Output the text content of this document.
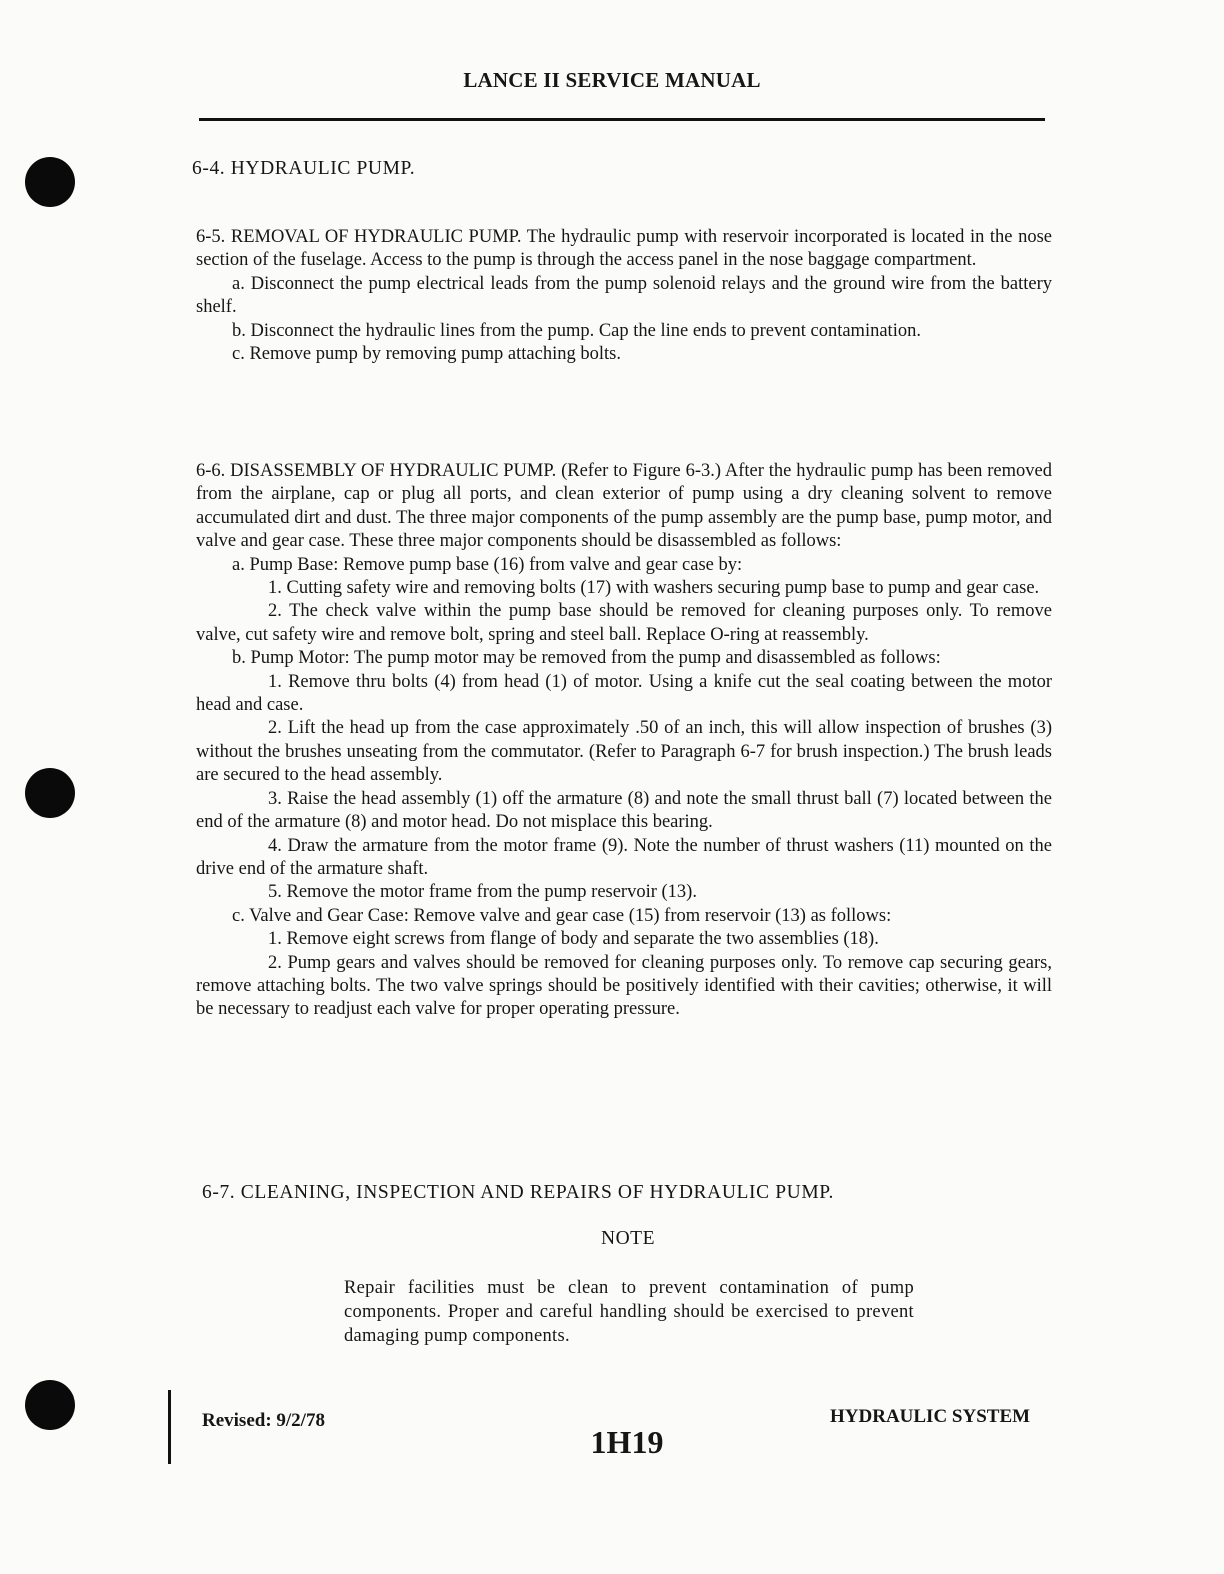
LANCE II SERVICE MANUAL
6-4. HYDRAULIC PUMP.

6-5. REMOVAL OF HYDRAULIC PUMP. The hydraulic pump with reservoir incorporated is located in the nose section of the fuselage. Access to the pump is through the access panel in the nose baggage compartment.

a. Disconnect the pump electrical leads from the pump solenoid relays and the ground wire from the battery shelf.

b. Disconnect the hydraulic lines from the pump. Cap the line ends to prevent contamination.

c. Remove pump by removing pump attaching bolts.

6-6. DISASSEMBLY OF HYDRAULIC PUMP. (Refer to Figure 6-3.) After the hydraulic pump has been removed from the airplane, cap or plug all ports, and clean exterior of pump using a dry cleaning solvent to remove accumulated dirt and dust. The three major components of the pump assembly are the pump base, pump motor, and valve and gear case. These three major components should be disassembled as follows:

a. Pump Base: Remove pump base (16) from valve and gear case by:

1. Cutting safety wire and removing bolts (17) with washers securing pump base to pump and gear case.

2. The check valve within the pump base should be removed for cleaning purposes only. To remove valve, cut safety wire and remove bolt, spring and steel ball. Replace O-ring at reassembly.

b. Pump Motor: The pump motor may be removed from the pump and disassembled as follows:

1. Remove thru bolts (4) from head (1) of motor. Using a knife cut the seal coating between the motor head and case.

2. Lift the head up from the case approximately .50 of an inch, this will allow inspection of brushes (3) without the brushes unseating from the commutator. (Refer to Paragraph 6-7 for brush inspection.) The brush leads are secured to the head assembly.

3. Raise the head assembly (1) off the armature (8) and note the small thrust ball (7) located between the end of the armature (8) and motor head. Do not misplace this bearing.

4. Draw the armature from the motor frame (9). Note the number of thrust washers (11) mounted on the drive end of the armature shaft.

5. Remove the motor frame from the pump reservoir (13).

c. Valve and Gear Case: Remove valve and gear case (15) from reservoir (13) as follows:

1. Remove eight screws from flange of body and separate the two assemblies (18).

2. Pump gears and valves should be removed for cleaning purposes only. To remove cap securing gears, remove attaching bolts. The two valve springs should be positively identified with their cavities; otherwise, it will be necessary to readjust each valve for proper operating pressure.

6-7. CLEANING, INSPECTION AND REPAIRS OF HYDRAULIC PUMP.
NOTE
Repair facilities must be clean to prevent contamination of pump components. Proper and careful handling should be exercised to prevent damaging pump components.
Revised: 9/2/78
1H19
HYDRAULIC SYSTEM
